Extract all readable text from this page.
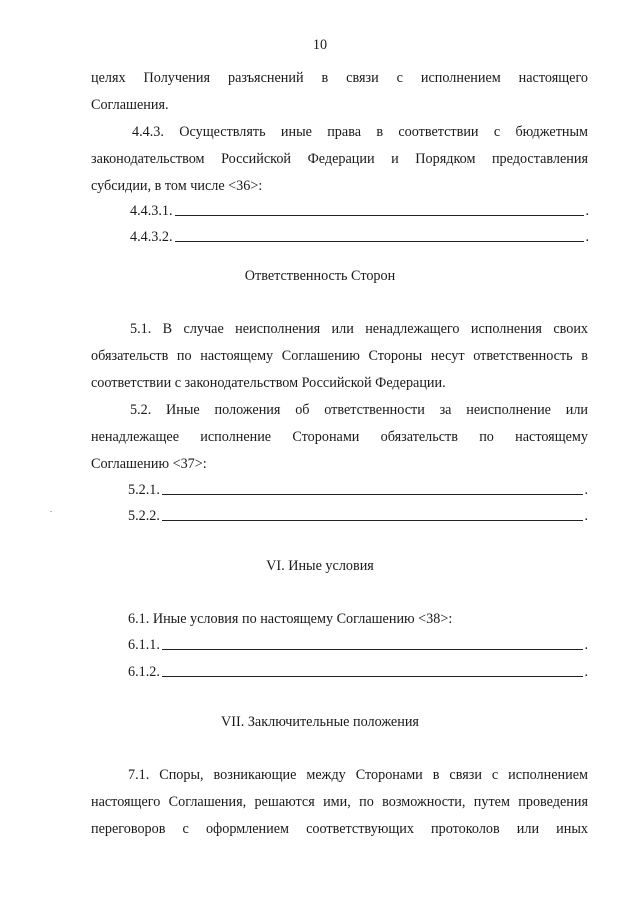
10
целях Получения разъяснений в связи с исполнением настоящего
Соглашения.
4.4.3. Осуществлять иные права в соответствии с бюджетным
законодательством Российской Федерации и Порядком предоставления
субсидии, в том числе <36>:
4.4.3.1.	.
4.4.3.2.	.
Ответственность Сторон
5.1. В случае неисполнения или ненадлежащего исполнения своих
обязательств по настоящему Соглашению Стороны несут ответственность в
соответствии с законодательством Российской Федерации.
5.2. Иные положения об ответственности за неисполнение или
ненадлежащее исполнение Сторонами обязательств по настоящему
Соглашению <37>:
5.2.1.	.
5.2.2.	.
VI. Иные условия
6.1. Иные условия по настоящему Соглашению <38>:
6.1.1.	.
6.1.2.	.
VII. Заключительные положения
7.1. Споры, возникающие между Сторонами в связи с исполнением
настоящего Соглашения, решаются ими, по возможности, путем проведения
переговоров с оформлением соответствующих протоколов или иных
